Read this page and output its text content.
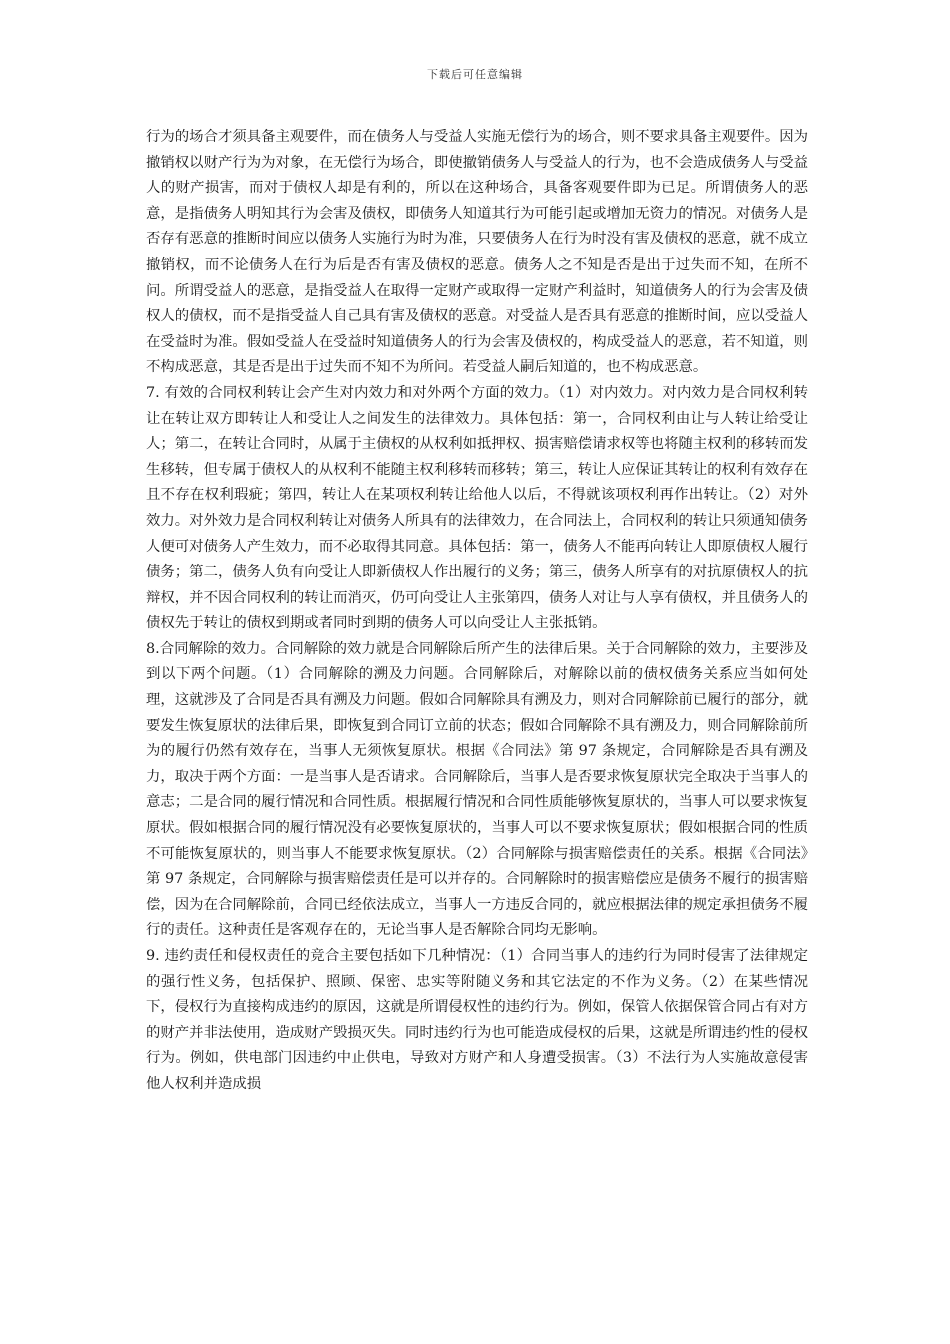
下载后可任意编辑

行为的场合才须具备主观要件，而在债务人与受益人实施无偿行为的场合，则不要求具备主观要件。因为撤销权以财产行为为对象，在无偿行为场合，即使撤销债务人与受益人的行为，也不会造成债务人与受益人的财产损害，而对于债权人却是有利的，所以在这种场合，具备客观要件即为已足。所谓债务人的恶意，是指债务人明知其行为会害及债权，即债务人知道其行为可能引起或增加无资力的情况。对债务人是否存有恶意的推断时间应以债务人实施行为时为准，只要债务人在行为时没有害及债权的恶意，就不成立撤销权，而不论债务人在行为后是否有害及债权的恶意。债务人之不知是否是出于过失而不知，在所不问。所谓受益人的恶意，是指受益人在取得一定财产或取得一定财产利益时，知道债务人的行为会害及债权人的债权，而不是指受益人自己具有害及债权的恶意。对受益人是否具有恶意的推断时间，应以受益人在受益时为准。假如受益人在受益时知道债务人的行为会害及债权的，构成受益人的恶意，若不知道，则不构成恶意，其是否是出于过失而不知不为所问。若受益人嗣后知道的，也不构成恶意。

7. 有效的合同权利转让会产生对内效力和对外两个方面的效力。（1）对内效力。对内效力是合同权利转让在转让双方即转让人和受让人之间发生的法律效力。具体包括：第一，合同权利由让与人转让给受让人；第二，在转让合同时，从属于主债权的从权利如抵押权、损害赔偿请求权等也将随主权利的移转而发生移转，但专属于债权人的从权利不能随主权利移转而移转；第三，转让人应保证其转让的权利有效存在且不存在权利瑕疵；第四，转让人在某项权利转让给他人以后，不得就该项权利再作出转让。（2）对外效力。对外效力是合同权利转让对债务人所具有的法律效力，在合同法上，合同权利的转让只须通知债务人便可对债务人产生效力，而不必取得其同意。具体包括：第一，债务人不能再向转让人即原债权人履行债务；第二，债务人负有向受让人即新债权人作出履行的义务；第三，债务人所享有的对抗原债权人的抗辩权，并不因合同权利的转让而消灭，仍可向受让人主张第四，债务人对让与人享有债权，并且债务人的债权先于转让的债权到期或者同时到期的债务人可以向受让人主张抵销。

8.合同解除的效力。合同解除的效力就是合同解除后所产生的法律后果。关于合同解除的效力，主要涉及到以下两个问题。（1）合同解除的溯及力问题。合同解除后，对解除以前的债权债务关系应当如何处理，这就涉及了合同是否具有溯及力问题。假如合同解除具有溯及力，则对合同解除前已履行的部分，就要发生恢复原状的法律后果，即恢复到合同订立前的状态；假如合同解除不具有溯及力，则合同解除前所为的履行仍然有效存在，当事人无须恢复原状。根据《合同法》第 97 条规定，合同解除是否具有溯及力，取决于两个方面：一是当事人是否请求。合同解除后，当事人是否要求恢复原状完全取决于当事人的意志；二是合同的履行情况和合同性质。根据履行情况和合同性质能够恢复原状的，当事人可以要求恢复原状。假如根据合同的履行情况没有必要恢复原状的，当事人可以不要求恢复原状；假如根据合同的性质不可能恢复原状的，则当事人不能要求恢复原状。（2）合同解除与损害赔偿责任的关系。根据《合同法》第 97 条规定，合同解除与损害赔偿责任是可以并存的。合同解除时的损害赔偿应是债务不履行的损害赔偿，因为在合同解除前，合同已经依法成立，当事人一方违反合同的，就应根据法律的规定承担债务不履行的责任。这种责任是客观存在的，无论当事人是否解除合同均无影响。

9. 违约责任和侵权责任的竞合主要包括如下几种情况：（1）合同当事人的违约行为同时侵害了法律规定的强行性义务，包括保护、照顾、保密、忠实等附随义务和其它法定的不作为义务。（2）在某些情况下，侵权行为直接构成违约的原因，这就是所谓侵权性的违约行为。例如，保管人依据保管合同占有对方的财产并非法使用，造成财产毁损灭失。同时违约行为也可能造成侵权的后果，这就是所谓违约性的侵权行为。例如，供电部门因违约中止供电，导致对方财产和人身遭受损害。（3）不法行为人实施故意侵害他人权利并造成损
